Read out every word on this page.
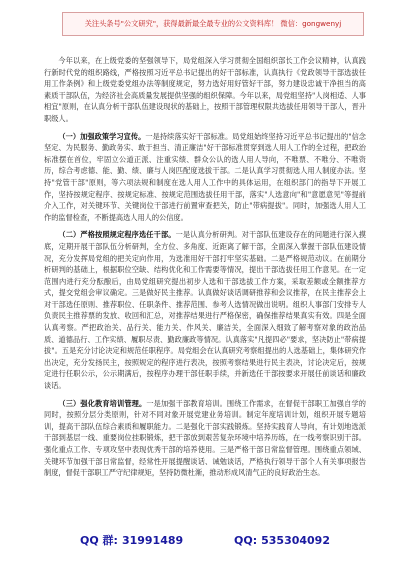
关注头条号"公文研究"，获得最新最全最专业的公文资料库！ 微信：gongwenyj

今年以来，在上级党委的坚强领导下，局党组深入学习贯彻全国组织部长工作会议精神，认真践行新时代党的组织路线，严格按照习近平总书记提出的好干部标准，认真执行《党政领导干部选拔任用工作条例》和上级党委党组办法等制度规定，努力选好用好管好干部，努力建设忠诚干净担当的高素质干部队伍，为经济社会高质量发展提供坚强的组织保障。今年以来，局党组坚持"人岗相适、人事相宜"原则，在认真分析干部队伍建设现状的基础上，按照干部管理权限共选拔任用领导干部人，晋升职级人。

（一）加强政策学习宣传。一是持续落实好干部标准。局党组始终坚持习近平总书记提出的"信念坚定、为民服务、勤政务实、敢于担当、清正廉洁"好干部标准贯穿到选人用人工作的全过程，把政治标准摆在首位，牢固立公道正派、注重实绩、群众公认的选人用人导向，不唯票、不唯分、不唯资历，综合考虑德、能、勤、绩、廉与人岗匹配度选拔干部。二是认真学习贯彻选人用人制度办法。坚持"党管干部"原则，等六项法规和制度在选人用人工作中的具体运用，在组织部门的指导下开展工作，坚持按规定程序、按规定标准、按规定范围选拔任用干部，落实"人选意向"和"意愿意见"等提前介入工作，对关键环节、关键岗位干部进行前置审查把关，防止"带病提拔"。同时，加强选人用人工作的监督检查，不断提高选人用人的公信度。

（二）严格按照规定程序选任干部。一是认真分析研判。对干部队伍建设存在的问题进行深入摸底，定期开展干部队伍分析研判，全方位、多角度、近距离了解干部，全面深入掌握干部队伍建设情况，充分发挥局党组的把关定向作用，为选准用好干部打牢坚实基础。二是严格规范动议。在前期分析研判的基础上，根据职位空缺、结构优化和工作需要等情况，提出干部选拔任用工作意见。在一定范围内进行充分酝酿后，由局党组研究提出初步人选和干部选拔工作方案，采取差额或全额推荐方式，提交党组会审议确定。三是做好民主推荐。认真做好谈话调研推荐和会议推荐，在民主推荐会上对干部选任原则、推荐职位、任职条件、推荐范围、参考人选情况做出说明。组织人事部门安排专人负责民主推荐票的发放、收回和汇总，对推荐结果进行严格保密，确保推荐结果真实有效。四是全面认真考察。严把政治关、品行关、能力关、作风关、廉洁关，全面深入细致了解考察对象的政治品质、道德品行、工作实绩、履职尽责、勤政廉政等情况。认真落实"凡提四必"要求，坚决防止"带病提拔"。五是充分讨论决定和规范任职程序。局党组会在认真研究考察组提出的人选基础上，集体研究作出决定，充分发扬民主，按照规定的程序进行表决，按照考察结果进行民主表决，讨论决定后，按规定进行任职公示，公示期满后，按程序办理干部任职手续，并新选任干部按要求开展任前谈话和廉政谈话。

（三）强化教育培训管理。一是加强干部教育培训。围绕工作需求，在督促干部职工加强自学的同时，按照分层分类原则，针对不同对象开展党建业务培训。制定年度培训计划，组织开展专题培训，提高干部队伍综合素质和履职能力。二是强化干部实践锻炼。坚持实践育人导向，有计划地选派干部到基层一线、重要岗位挂职锻炼，把干部放到艰苦复杂环境中培养历练，在一线考察识别干部。强化重点工作、专项攻坚中表现优秀干部的培养使用。三是严格干部日常监督管理。围绕重点领域、关键环节加强干部日常监督，经常性开展提醒谈话、诫勉谈话，严格执行领导干部个人有关事项报告制度，督促干部职工严守纪律规矩，坚持防微杜渐，推动形成风清气正的良好政治生态。

QQ 群: 31991489	QQ: 535304092
